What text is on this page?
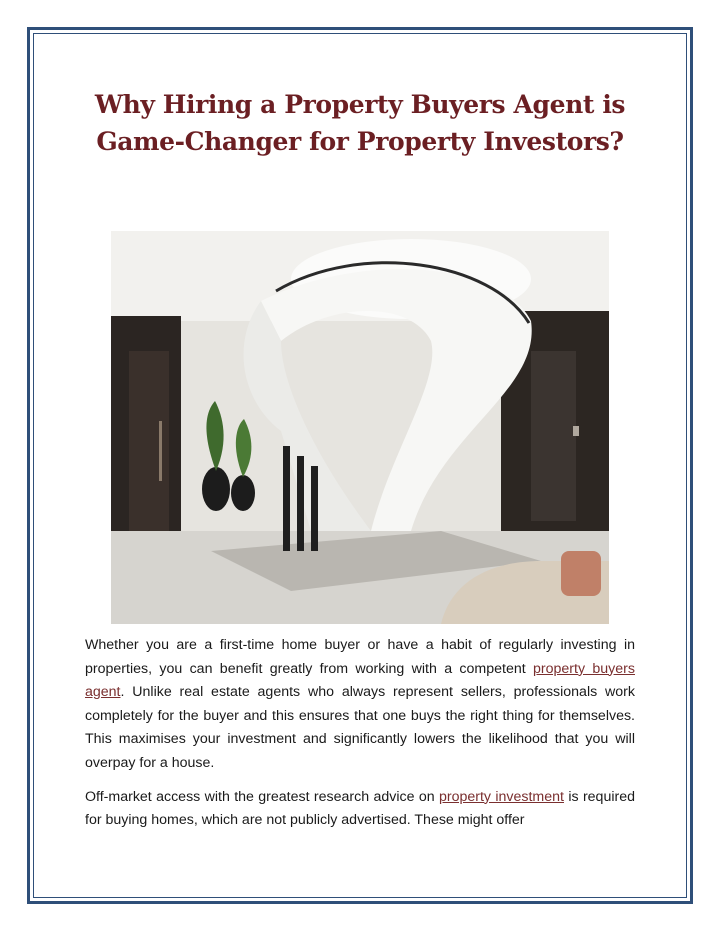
Why Hiring a Property Buyers Agent is Game-Changer for Property Investors?

Whether you are a first-time home buyer or have a habit of regularly investing in properties, you can benefit greatly from working with a competent property buyers agent. Unlike real estate agents who always represent sellers, professionals work completely for the buyer and this ensures that one buys the right thing for themselves. This maximises your investment and significantly lowers the likelihood that you will overpay for a house.

Off-market access with the greatest research advice on property investment is required for buying homes, which are not publicly advertised. These might offer
